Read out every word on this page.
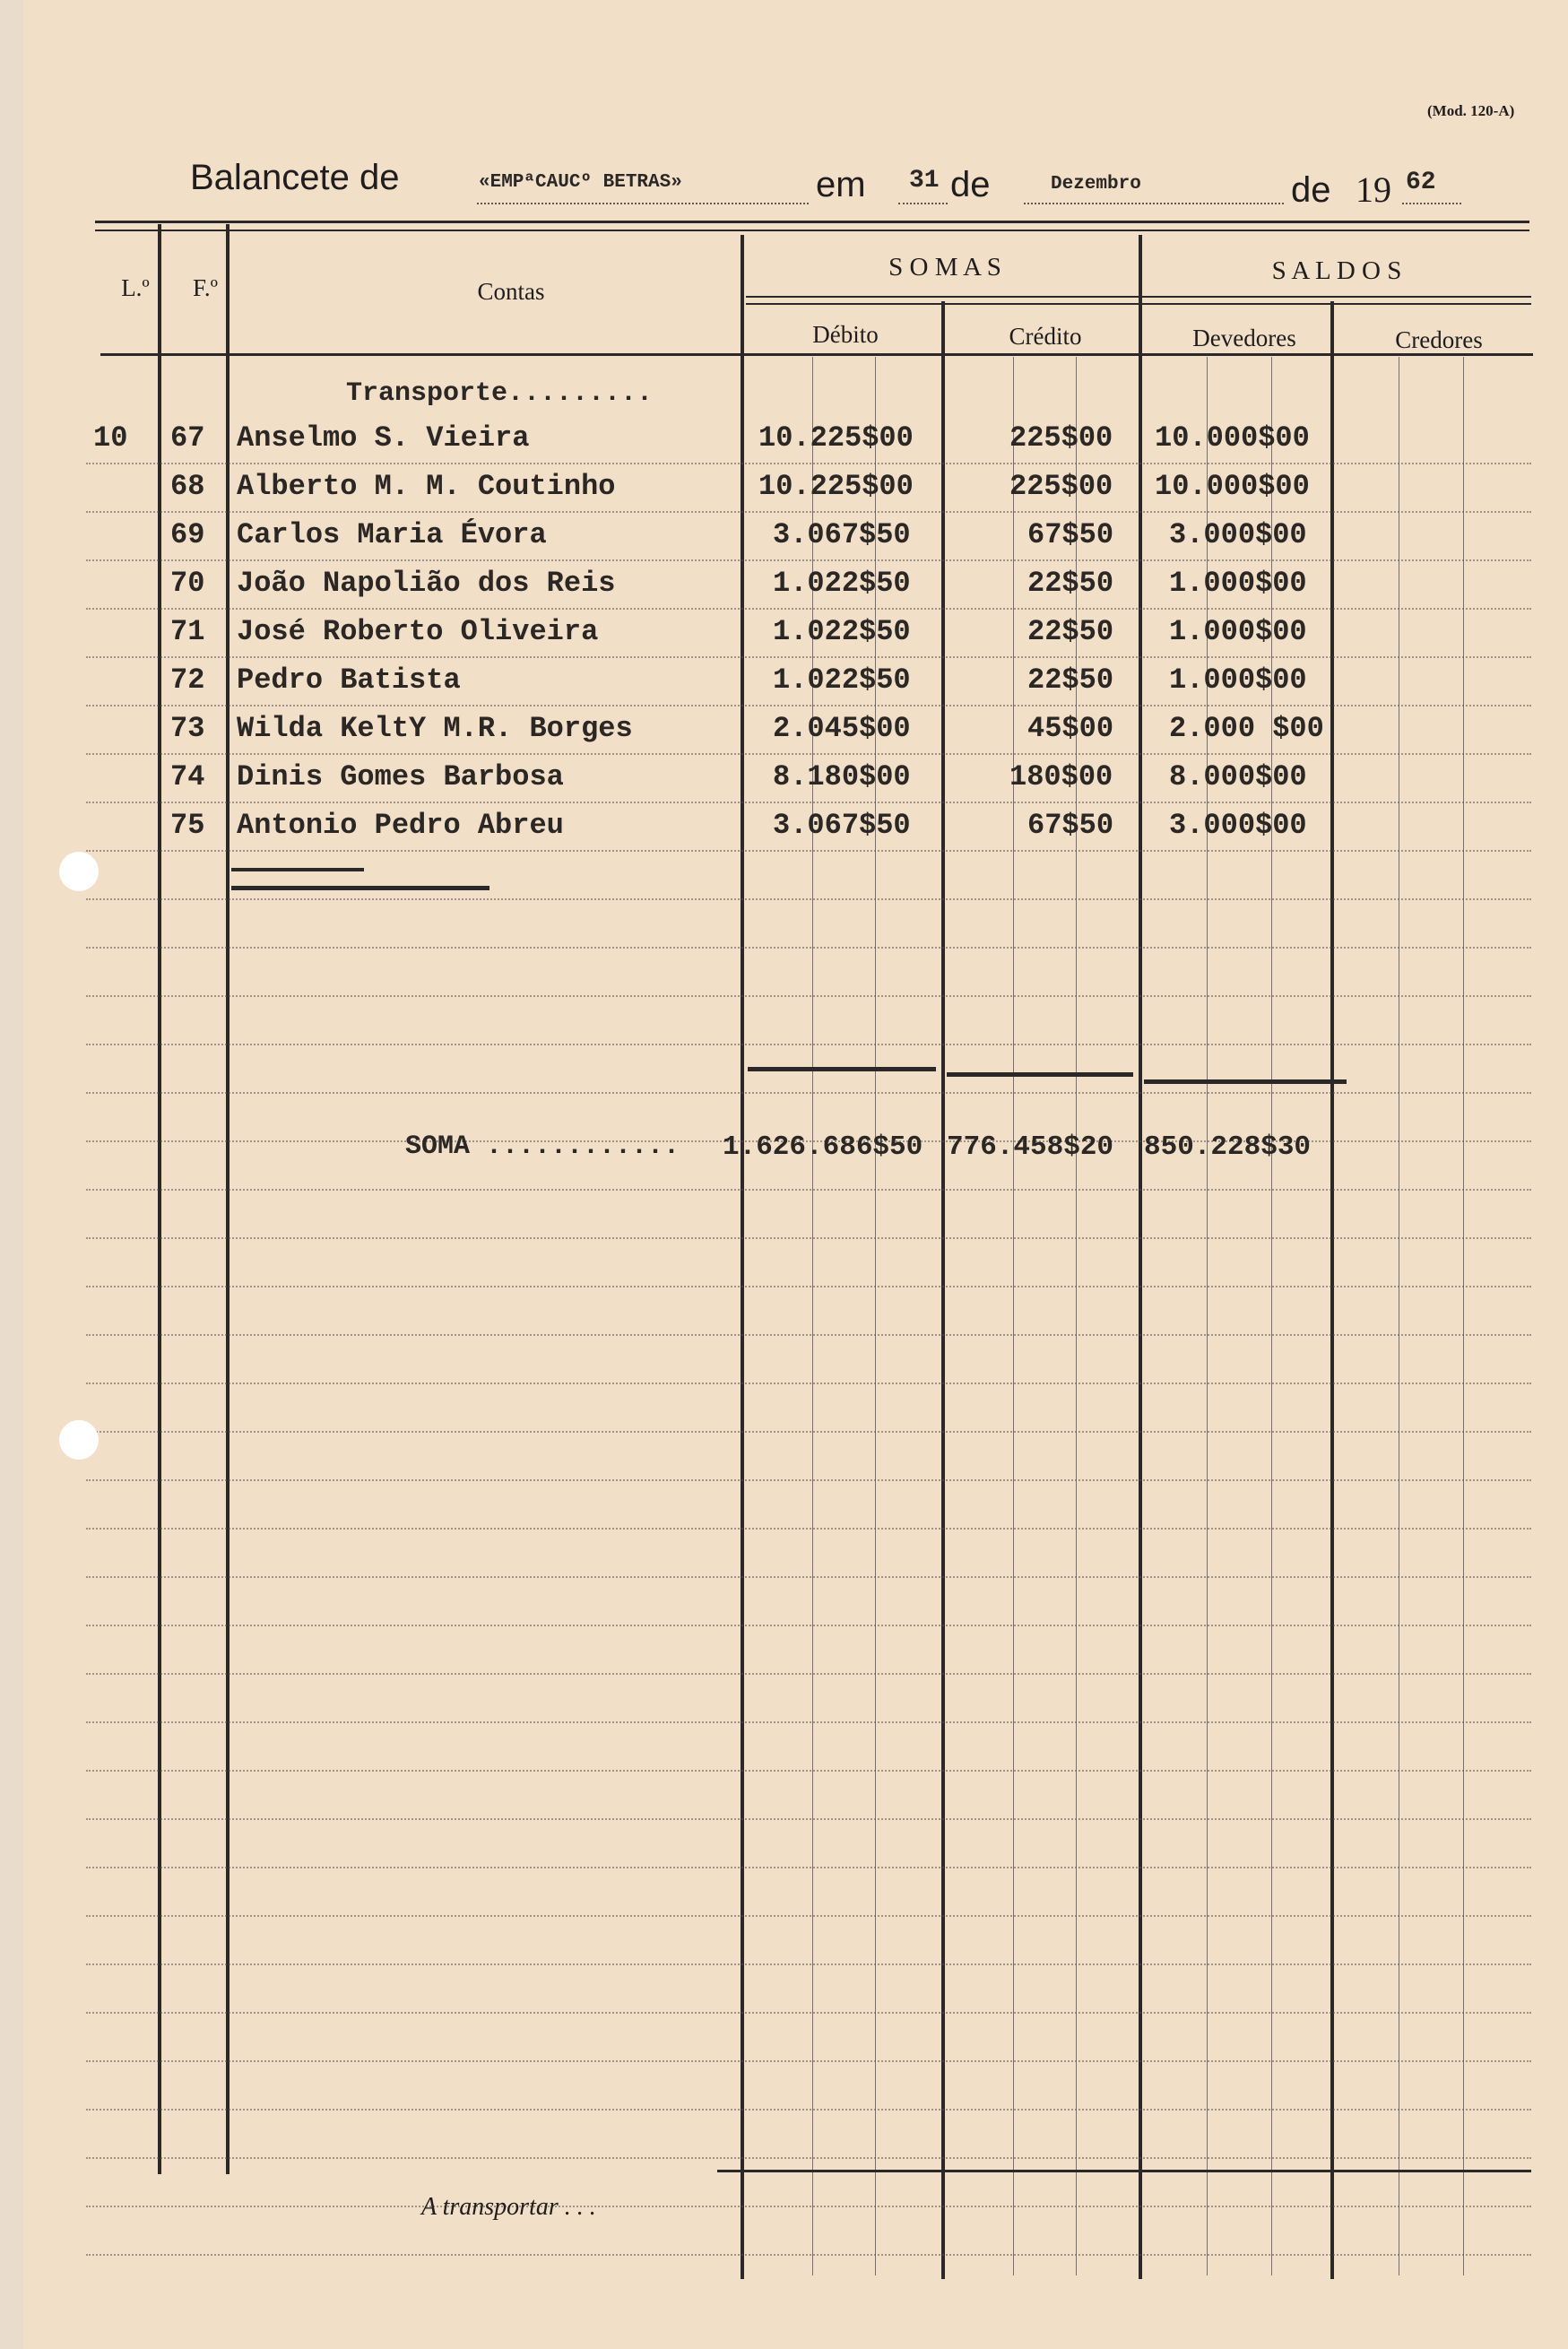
(Mod. 120-A)
Balancete de	«EMPªCAUCº BETRAS»	em 31 de	Dezembro	de 19 62
L.º	F.º	Contas
S O M A S	S A L D O S
Débito	Crédito	Devedores	Credores
Transporte.........
10 67 Anselmo S. Vieira	10.225$00	225$00 10.000$00
68 Alberto M. M. Coutinho	10.225$00	225$00 10.000$00
69 Carlos Maria Évora	3.067$50	67$50 3.000$00
70 João Napolião dos Reis	1.022$50	22$50 1.000$00
71 José Roberto Oliveira	1.022$50	22$50 1.000$00
72 Pedro Batista	1.022$50	22$50 1.000$00
73 Wilda KeltY M.R. Borges	2.045$00	45$00 2.000 $00
74 Dinis Gomes Barbosa	8.180$00	180$00 8.000$00
75 Antonio Pedro Abreu	3.067$50	67$50 3.000$00
SOMA ............ 1.626.686$50 776.458$20 850.228$30
A transportar . . .
